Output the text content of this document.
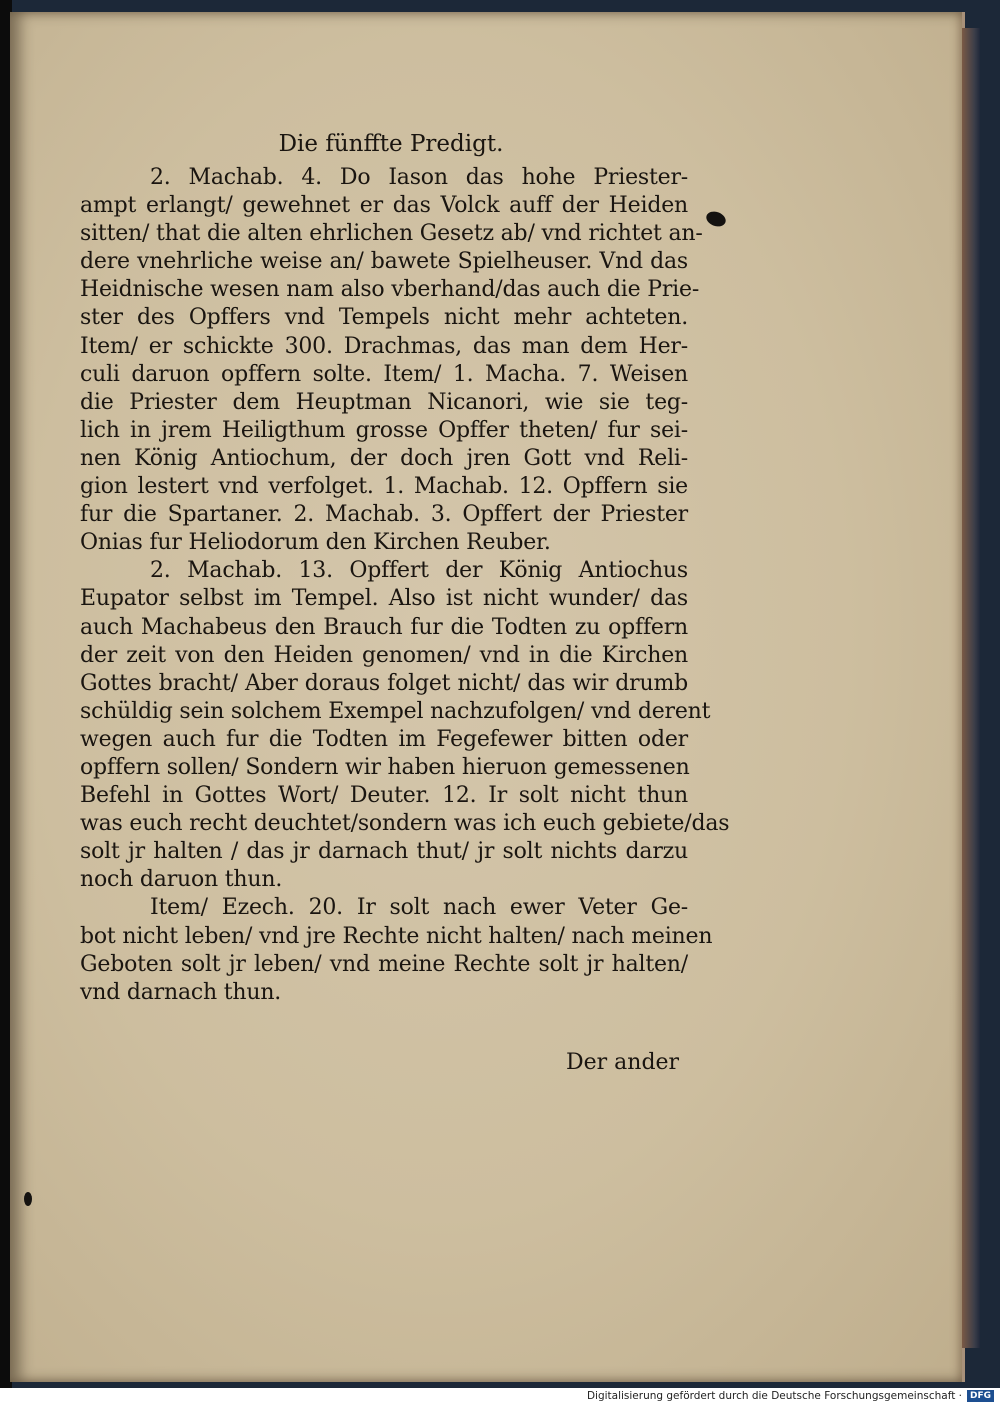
Die fünffte Predigt.
2. Machab. 4. Do Iason das hohe Priester-
ampt erlangt/ gewehnet er das Volck auff der Heiden
sitten/ that die alten ehrlichen Gesetz ab/ vnd richtet an-
dere vnehrliche weise an/ bawete Spielheuser. Vnd das
Heidnische wesen nam also vberhand/das auch die Prie-
ster des Opffers vnd Tempels nicht mehr achteten.
Item/ er schickte 300. Drachmas, das man dem Her-
culi daruon opffern solte. Item/ 1. Macha. 7. Weisen
die Priester dem Heuptman Nicanori, wie sie teg-
lich in jrem Heiligthum grosse Opffer theten/ fur sei-
nen König Antiochum, der doch jren Gott vnd Reli-
gion lestert vnd verfolget. 1. Machab. 12. Opffern sie
fur die Spartaner. 2. Machab. 3. Opffert der Priester
Onias fur Heliodorum den Kirchen Reuber.
2. Machab. 13. Opffert der König Antiochus
Eupator selbst im Tempel. Also ist nicht wunder/ das
auch Machabeus den Brauch fur die Todten zu opffern
der zeit von den Heiden genomen/ vnd in die Kirchen
Gottes bracht/ Aber doraus folget nicht/ das wir drumb
schüldig sein solchem Exempel nachzufolgen/ vnd derent
wegen auch fur die Todten im Fegefewer bitten oder
opffern sollen/ Sondern wir haben hieruon gemessenen
Befehl in Gottes Wort/ Deuter. 12. Ir solt nicht thun
was euch recht deuchtet/sondern was ich euch gebiete/das
solt jr halten / das jr darnach thut/ jr solt nichts darzu
noch daruon thun.
Item/ Ezech. 20. Ir solt nach ewer Veter Ge-
bot nicht leben/ vnd jre Rechte nicht halten/ nach meinen
Geboten solt jr leben/ vnd meine Rechte solt jr halten/
vnd darnach thun.
Der ander
Digitalisierung gefördert durch die Deutsche Forschungsgemeinschaft · DFG
